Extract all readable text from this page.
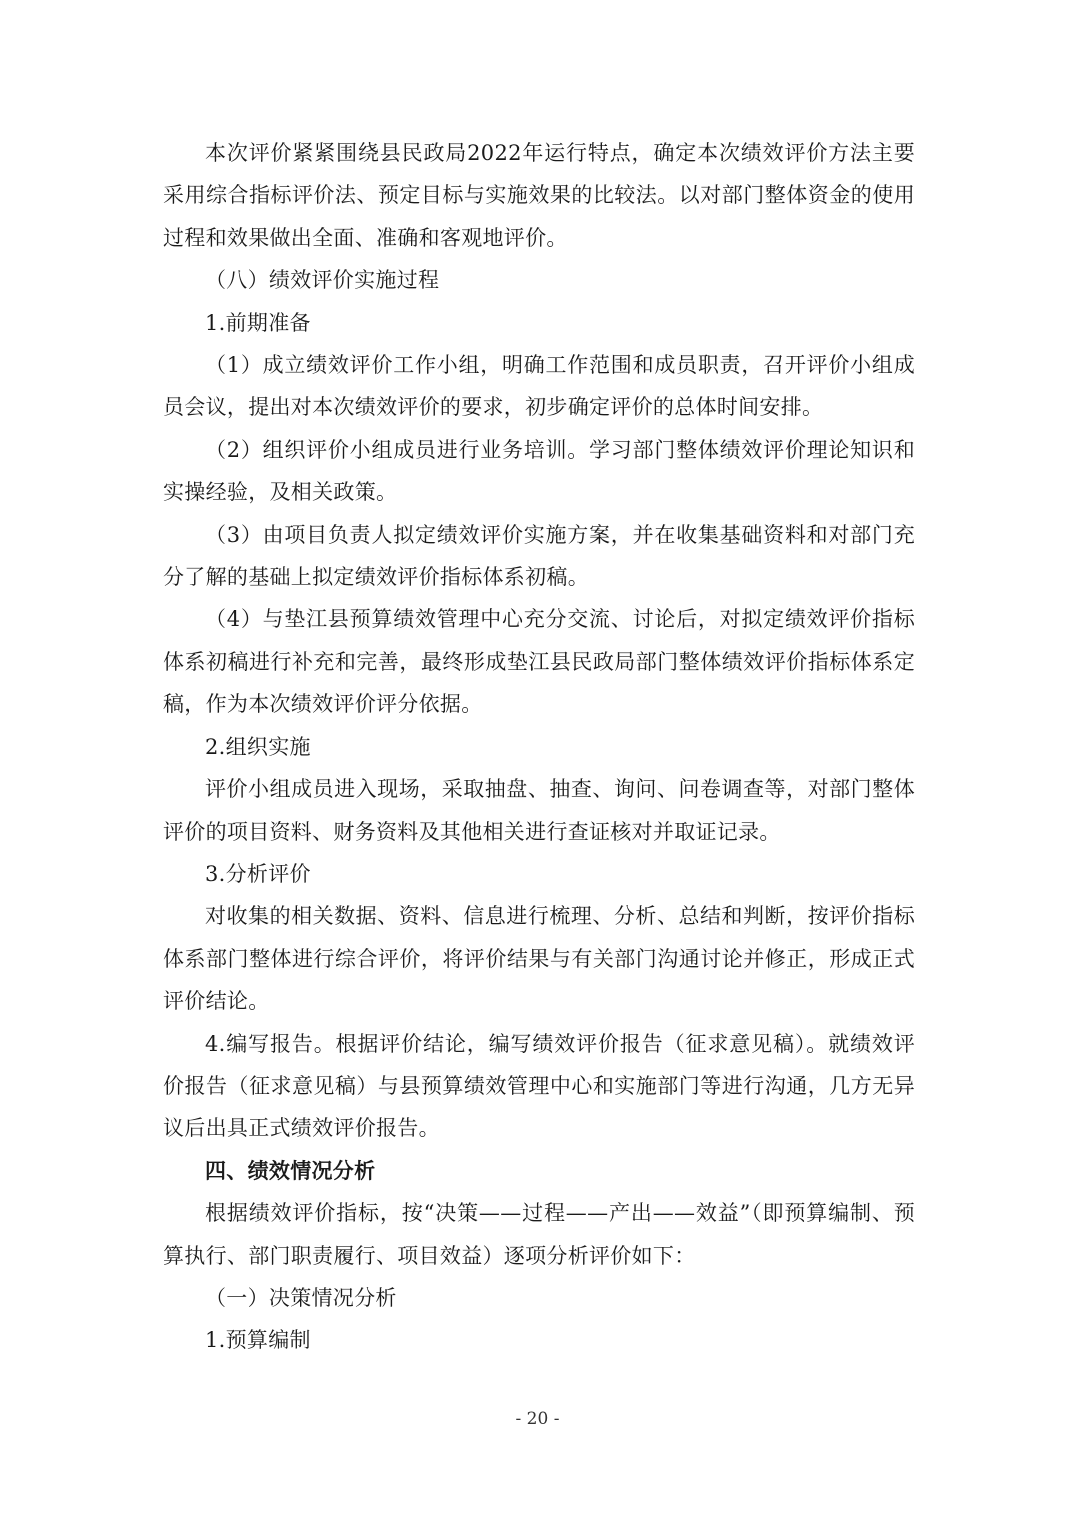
本次评价紧紧围绕县民政局2022年运行特点，确定本次绩效评价方法主要采用综合指标评价法、预定目标与实施效果的比较法。以对部门整体资金的使用过程和效果做出全面、准确和客观地评价。

（八）绩效评价实施过程

1.前期准备

（1）成立绩效评价工作小组，明确工作范围和成员职责，召开评价小组成员会议，提出对本次绩效评价的要求，初步确定评价的总体时间安排。

（2）组织评价小组成员进行业务培训。学习部门整体绩效评价理论知识和实操经验，及相关政策。

（3）由项目负责人拟定绩效评价实施方案，并在收集基础资料和对部门充分了解的基础上拟定绩效评价指标体系初稿。

（4）与垫江县预算绩效管理中心充分交流、讨论后，对拟定绩效评价指标体系初稿进行补充和完善，最终形成垫江县民政局部门整体绩效评价指标体系定稿，作为本次绩效评价评分依据。

2.组织实施

评价小组成员进入现场，采取抽盘、抽查、询问、问卷调查等，对部门整体评价的项目资料、财务资料及其他相关进行查证核对并取证记录。

3.分析评价

对收集的相关数据、资料、信息进行梳理、分析、总结和判断，按评价指标体系部门整体进行综合评价，将评价结果与有关部门沟通讨论并修正，形成正式评价结论。

4.编写报告。根据评价结论，编写绩效评价报告（征求意见稿）。就绩效评价报告（征求意见稿）与县预算绩效管理中心和实施部门等进行沟通，几方无异议后出具正式绩效评价报告。

四、绩效情况分析

根据绩效评价指标，按“决策——过程——产出——效益”（即预算编制、预算执行、部门职责履行、项目效益）逐项分析评价如下：

（一）决策情况分析

1.预算编制

- 20 -
